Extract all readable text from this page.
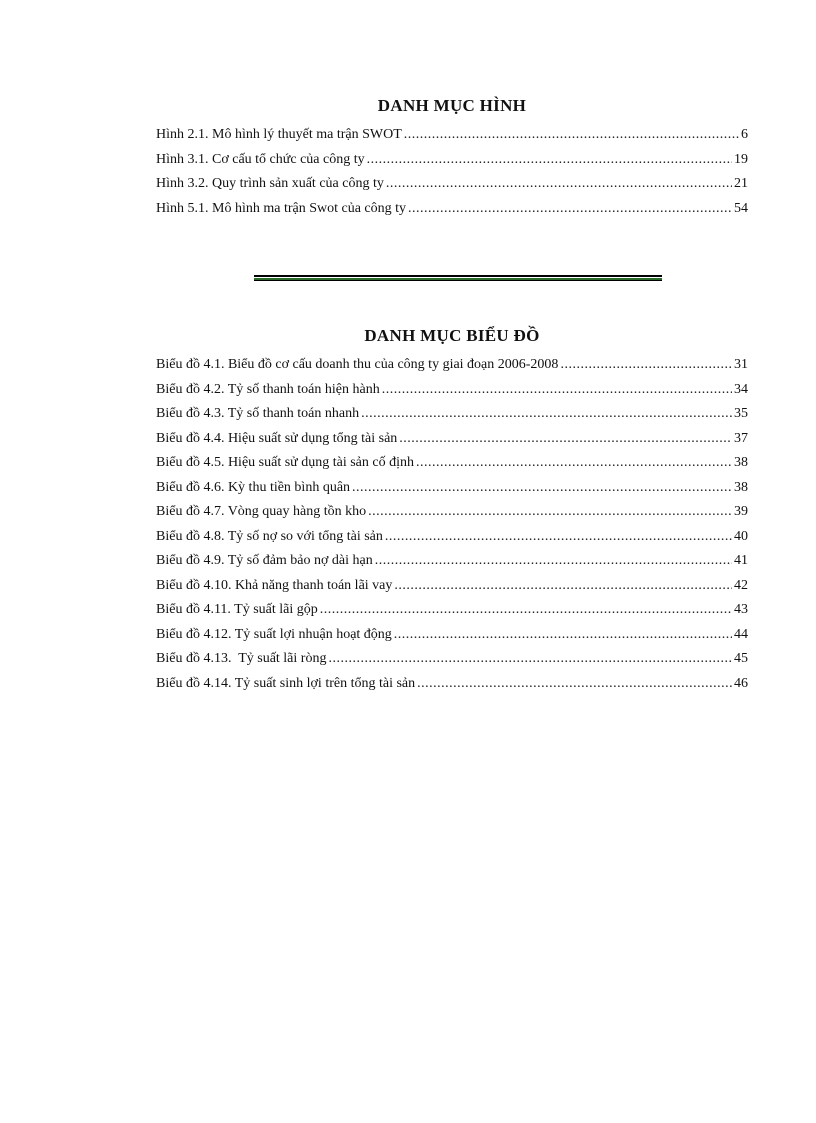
DANH MỤC HÌNH
Hình 2.1. Mô hình lý thuyết ma trận SWOT .....	6
Hình 3.1. Cơ cấu tổ chức của công ty .....	19
Hình 3.2. Quy trình sản xuất của công ty .....	21
Hình 5.1. Mô hình ma trận Swot của công ty .....	54
DANH MỤC BIỂU ĐỒ
Biểu đồ 4.1. Biểu đồ cơ cấu doanh thu của công ty giai đoạn 2006-2008 .....	31
Biểu đồ 4.2. Tỷ số thanh toán hiện hành .....	34
Biểu đồ 4.3. Tỷ số thanh toán nhanh .....	35
Biểu đồ 4.4. Hiệu suất sử dụng tổng tài sản .....	37
Biểu đồ 4.5. Hiệu suất sử dụng tài sản cố định .....	38
Biểu đồ 4.6. Kỳ thu tiền bình quân .....	38
Biểu đồ 4.7. Vòng quay hàng tồn kho .....	39
Biểu đồ 4.8. Tỷ số nợ so với tổng tài sản .....	40
Biểu đồ 4.9. Tỷ số đảm bảo nợ dài hạn .....	41
Biểu đồ 4.10. Khả năng thanh toán lãi vay .....	42
Biểu đồ 4.11. Tỷ suất lãi gộp .....	43
Biểu đồ 4.12. Tỷ suất lợi nhuận hoạt động .....	44
Biểu đồ 4.13.  Tỷ suất lãi ròng .....	45
Biểu đồ 4.14. Tỷ suất sinh lợi trên tổng tài sản .....	46
